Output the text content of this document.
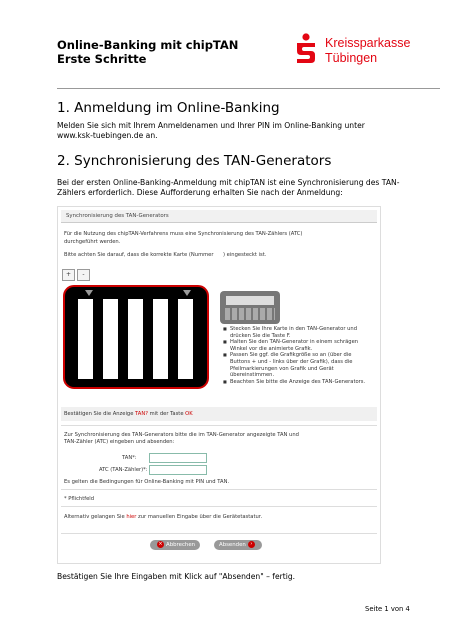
Online-Banking mit chipTAN
Erste Schritte
Kreissparkasse
Tübingen
1. Anmeldung im Online-Banking
Melden Sie sich mit Ihrem Anmeldenamen und Ihrer PIN im Online-Banking unter
www.ksk-tuebingen.de an.
2. Synchronisierung des TAN-Generators
Bei der ersten Online-Banking-Anmeldung mit chipTAN ist eine Synchronisierung des TAN-
Zählers erforderlich. Diese Aufforderung erhalten Sie nach der Anmeldung:
Synchronisierung des TAN-Generators
Für die Nutzung des chipTAN-Verfahrens muss eine Synchronisierung des TAN-Zählers (ATC)
durchgeführt werden.
Bitte achten Sie darauf, dass die korrekte Karte (Nummer ) eingesteckt ist.
+	-
■ Stecken Sie Ihre Karte in den TAN-Generator und drücken Sie die Taste F.
■ Halten Sie den TAN-Generator in einem schrägen Winkel vor die animierte Grafik.
■ Passen Sie ggf. die Grafikgröße so an (über die Buttons + und - links über der Grafik), dass die Pfeilmarkierungen von Grafik und Gerät übereinstimmen.
■ Beachten Sie bitte die Anzeige des TAN-Generators.
Bestätigen Sie die Anzeige TAN? mit der Taste OK
Zur Synchronisierung des TAN-Generators bitte die im TAN-Generator angezeigte TAN und
TAN-Zähler (ATC) eingeben und absenden:
TAN*:
ATC (TAN-Zähler)*:
Es gelten die Bedingungen für Online-Banking mit PIN und TAN.
* Pflichtfeld
Alternativ gelangen Sie hier zur manuellen Eingabe über die Gerätetastatur.
× Abbrechen	Absenden ›
Bestätigen Sie Ihre Eingaben mit Klick auf "Absenden" – fertig.
Seite 1 von 4
